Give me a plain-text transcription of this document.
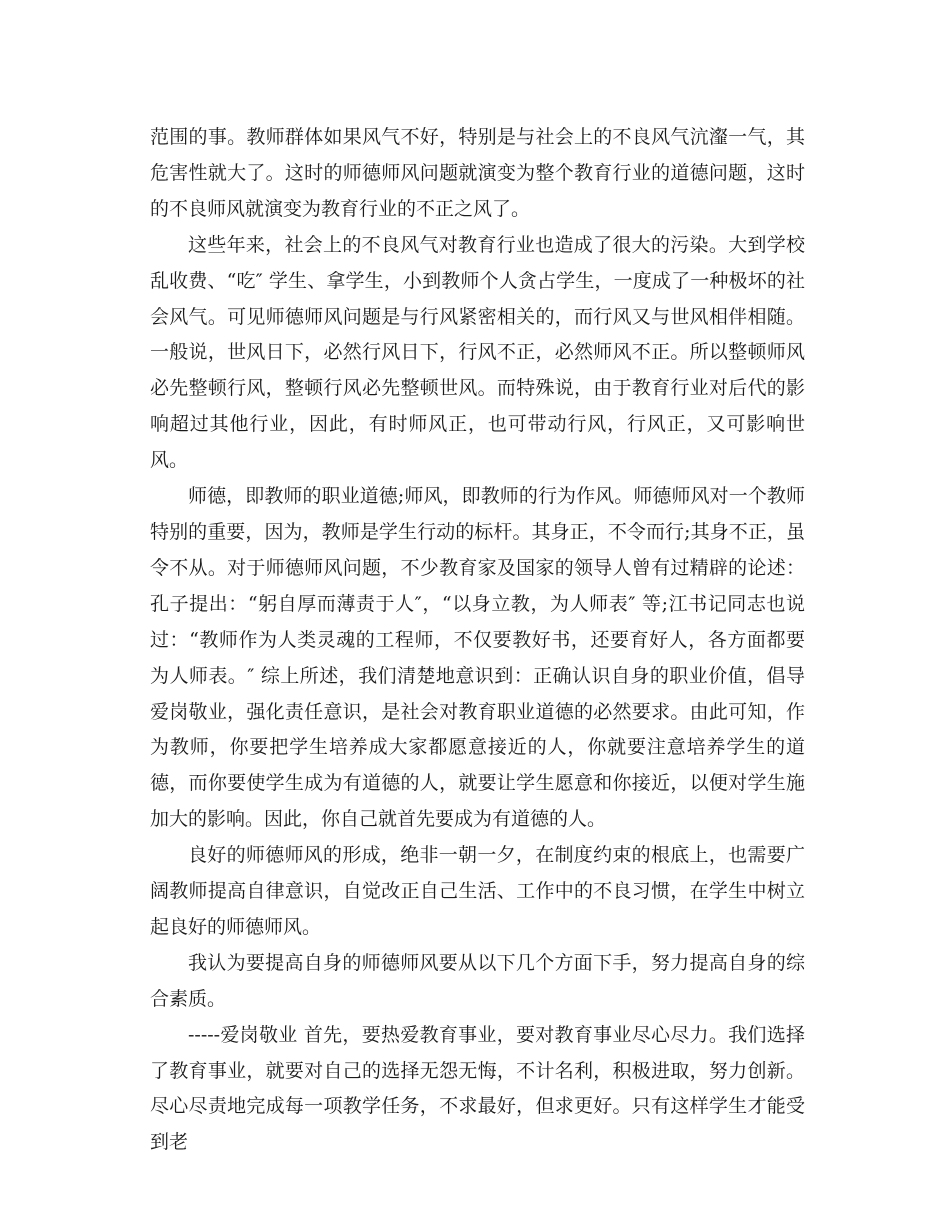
范围的事。教师群体如果风气不好，特别是与社会上的不良风气沆瀣一气，其危害性就大了。这时的师德师风问题就演变为整个教育行业的道德问题，这时的不良师风就演变为教育行业的不正之风了。

这些年来，社会上的不良风气对教育行业也造成了很大的污染。大到学校乱收费、“吃″ 学生、拿学生，小到教师个人贪占学生，一度成了一种极坏的社会风气。可见师德师风问题是与行风紧密相关的，而行风又与世风相伴相随。一般说，世风日下，必然行风日下，行风不正，必然师风不正。所以整顿师风必先整顿行风，整顿行风必先整顿世风。而特殊说，由于教育行业对后代的影响超过其他行业，因此，有时师风正，也可带动行风，行风正，又可影响世风。

师德，即教师的职业道德;师风，即教师的行为作风。师德师风对一个教师特别的重要，因为，教师是学生行动的标杆。其身正，不令而行;其身不正，虽令不从。对于师德师风问题，不少教育家及国家的领导人曾有过精辟的论述：孔子提出：“躬自厚而薄责于人″，“以身立教，为人师表″ 等;江书记同志也说过：“教师作为人类灵魂的工程师，不仅要教好书，还要育好人，各方面都要为人师表。″ 综上所述，我们清楚地意识到：正确认识自身的职业价值，倡导爱岗敬业，强化责任意识，是社会对教育职业道德的必然要求。由此可知，作为教师，你要把学生培养成大家都愿意接近的人，你就要注意培养学生的道德，而你要使学生成为有道德的人，就要让学生愿意和你接近，以便对学生施加大的影响。因此，你自己就首先要成为有道德的人。

良好的师德师风的形成，绝非一朝一夕，在制度约束的根底上，也需要广阔教师提高自律意识，自觉改正自己生活、工作中的不良习惯，在学生中树立起良好的师德师风。

我认为要提高自身的师德师风要从以下几个方面下手，努力提高自身的综合素质。

-----爱岗敬业 首先，要热爱教育事业，要对教育事业尽心尽力。我们选择了教育事业，就要对自己的选择无怨无悔，不计名利，积极进取，努力创新。尽心尽责地完成每一项教学任务，不求最好，但求更好。只有这样学生才能受到老
